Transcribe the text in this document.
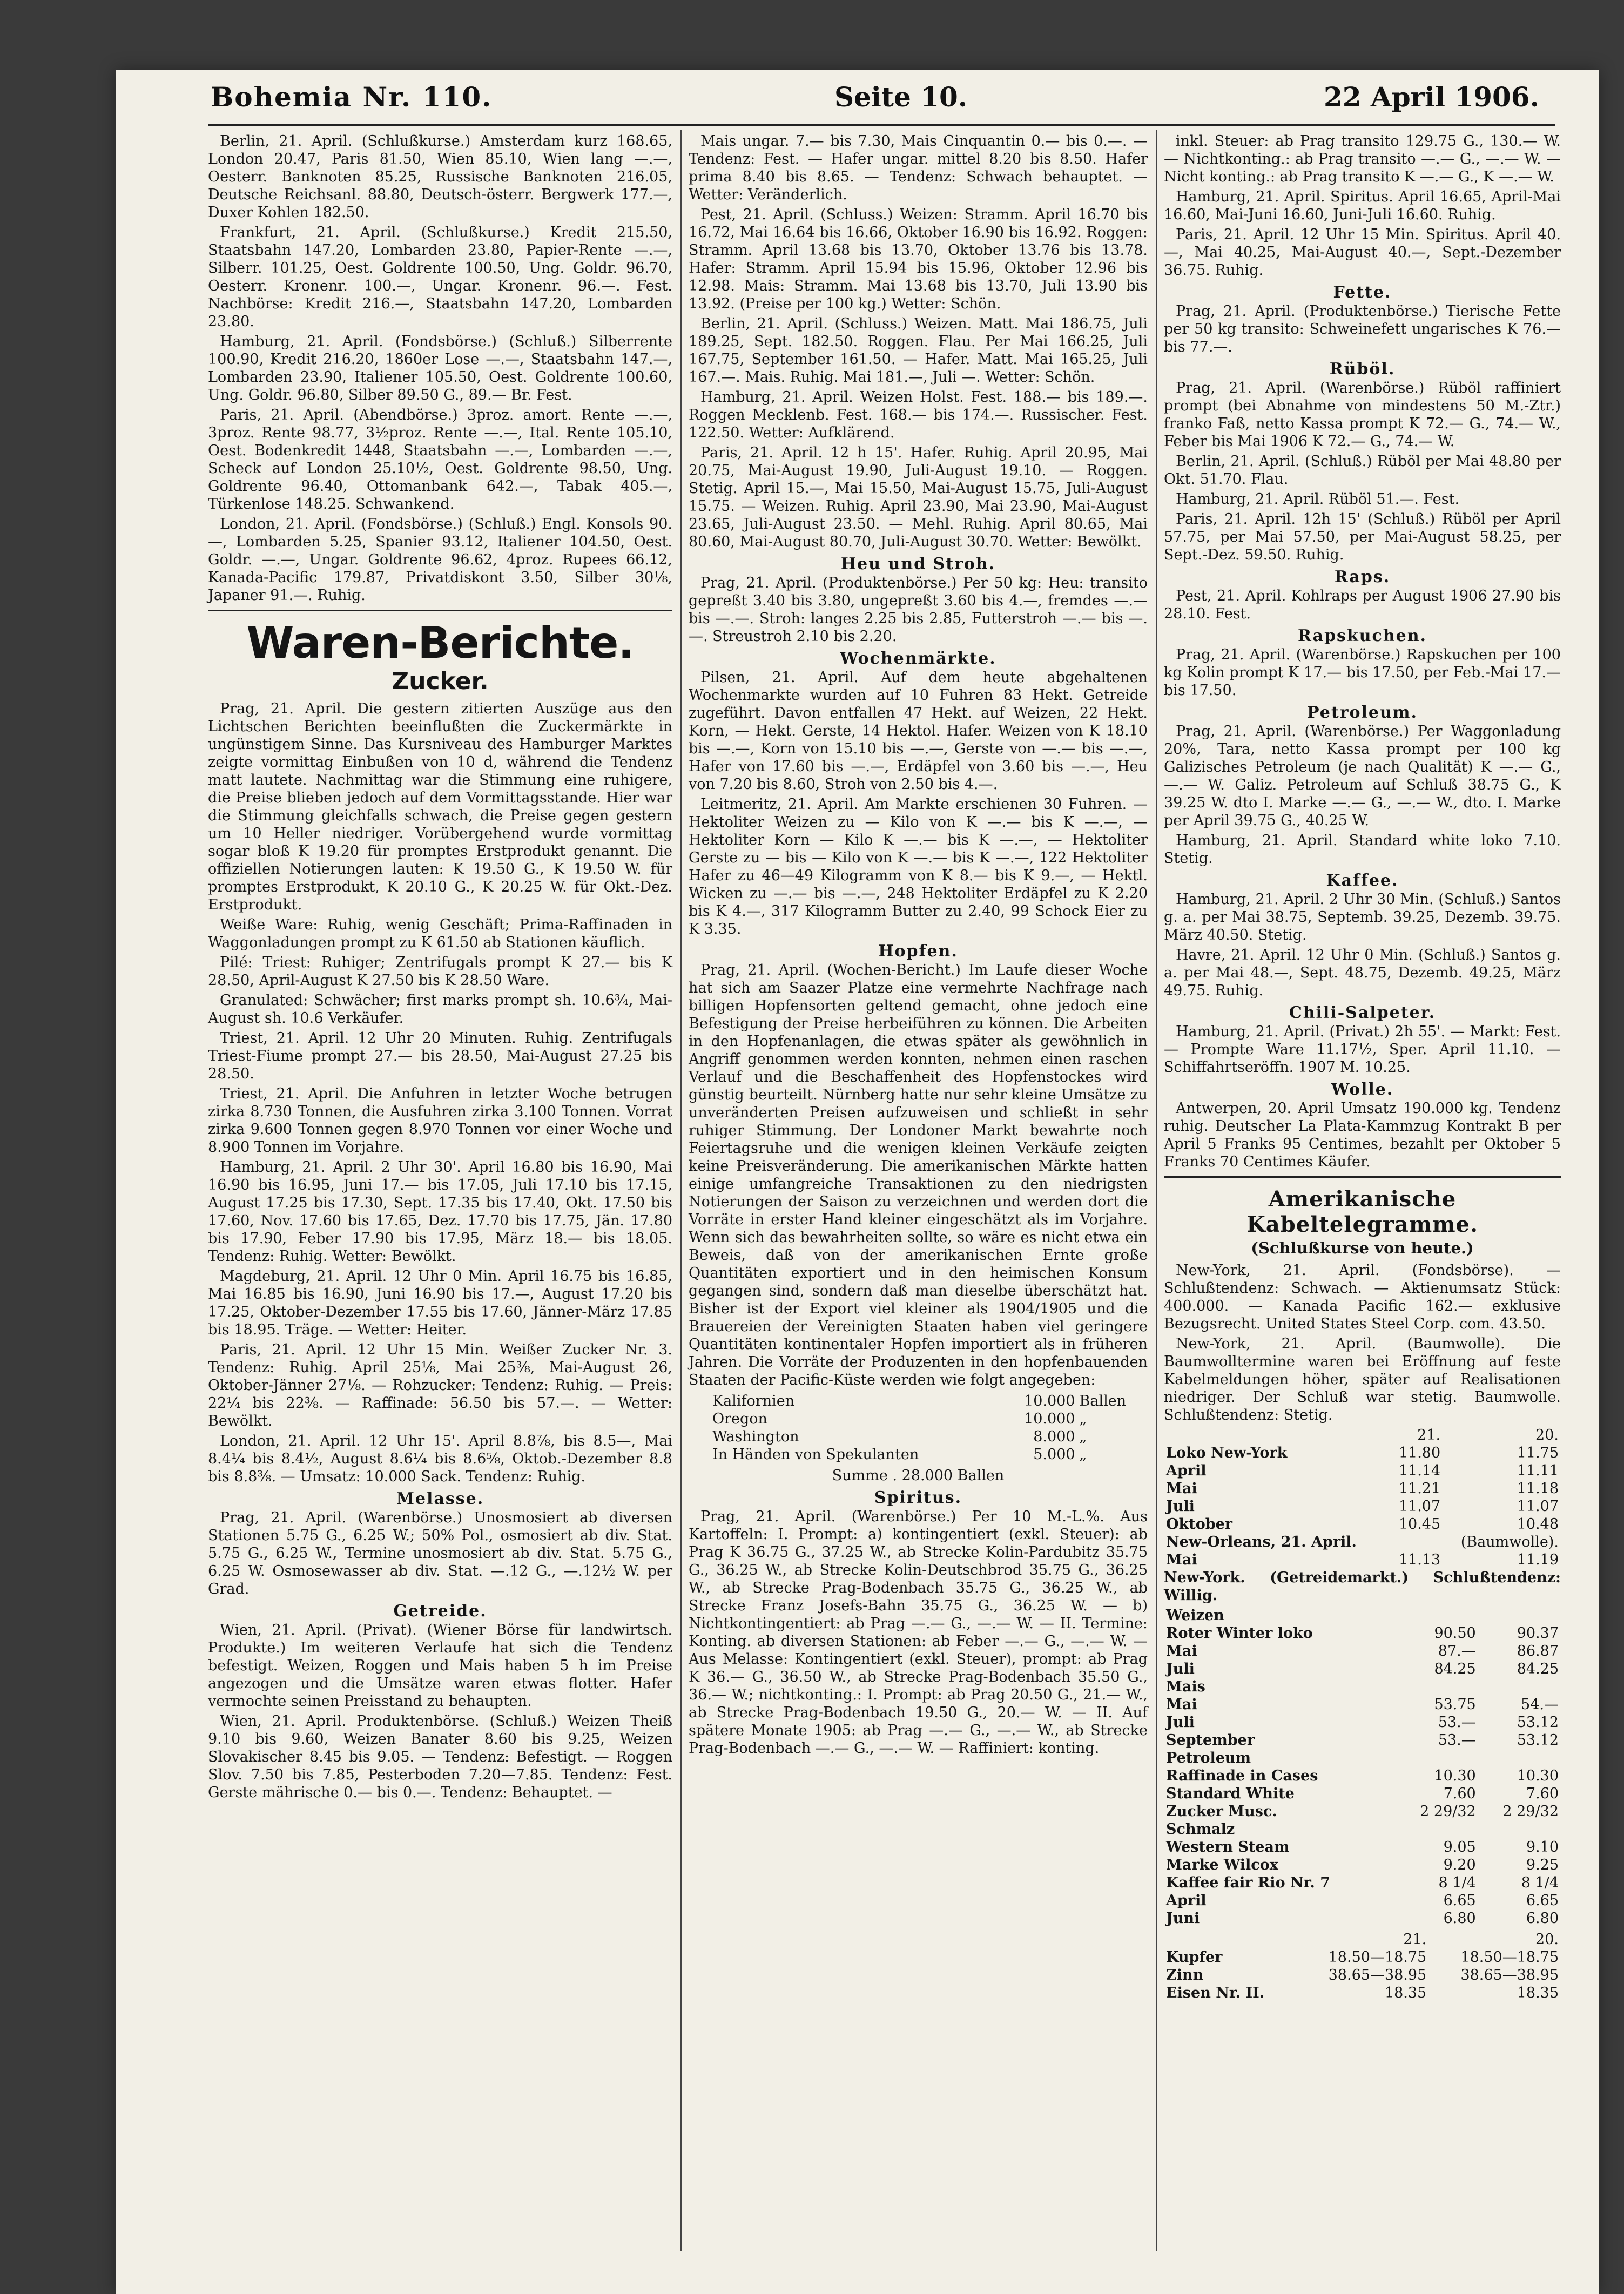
Bohemia Nr. 110.	Seite 10.	22 April 1906.

Berlin, 21. April. (Schlußkurse.) Amsterdam kurz 168.65, London 20.47, Paris 81.50, Wien 85.10, Wien lang —.—, Oesterr. Banknoten 85.25, Russische Banknoten 216.05, Deutsche Reichsanl. 88.80, Deutsch-österr. Bergwerk 177.—, Duxer Kohlen 182.50.

Frankfurt, 21. April. (Schlußkurse.) Kredit 215.50, Staatsbahn 147.20, Lombarden 23.80, Papier-Rente —.—, Silberr. 101.25, Oest. Goldrente 100.50, Ung. Goldr. 96.70, Oesterr. Kronenr. 100.—, Ungar. Kronenr. 96.—. Fest. Nachbörse: Kredit 216.—, Staatsbahn 147.20, Lombarden 23.80.

Hamburg, 21. April. (Fondsbörse.) (Schluß.) Silberrente 100.90, Kredit 216.20, 1860er Lose —.—, Staatsbahn 147.—, Lombarden 23.90, Italiener 105.50, Oest. Goldrente 100.60, Ung. Goldr. 96.80, Silber 89.50 G., 89.— Br. Fest.

Paris, 21. April. (Abendbörse.) 3proz. amort. Rente —.—, 3proz. Rente 98.77, 3½proz. Rente —.—, Ital. Rente 105.10, Oest. Bodenkredit 1448, Staatsbahn —.—, Lombarden —.—, Scheck auf London 25.10½, Oest. Goldrente 98.50, Ung. Goldrente 96.40, Ottomanbank 642.—, Tabak 405.—, Türkenlose 148.25. Schwankend.

London, 21. April. (Fondsbörse.) (Schluß.) Engl. Konsols 90.—, Lombarden 5.25, Spanier 93.12, Italiener 104.50, Oest. Goldr. —.—, Ungar. Goldrente 96.62, 4proz. Rupees 66.12, Kanada-Pacific 179.87, Privatdiskont 3.50, Silber 30⅛, Japaner 91.—. Ruhig.

Waren-Berichte.
Zucker.

Prag, 21. April. Die gestern zitierten Auszüge aus den Lichtschen Berichten beeinflußten die Zuckermärkte in ungünstigem Sinne. Das Kursniveau des Hamburger Marktes zeigte vormittag Einbußen von 10 d, während die Tendenz matt lautete. Nachmittag war die Stimmung eine ruhigere, die Preise blieben jedoch auf dem Vormittagsstande. Hier war die Stimmung gleichfalls schwach, die Preise gegen gestern um 10 Heller niedriger. Vorübergehend wurde vormittag sogar bloß K 19.20 für promptes Erstprodukt genannt. Die offiziellen Notierungen lauten: K 19.50 G., K 19.50 W. für promptes Erstprodukt, K 20.10 G., K 20.25 W. für Okt.-Dez. Erstprodukt.

Weiße Ware: Ruhig, wenig Geschäft; Prima-Raffinaden in Waggonladungen prompt zu K 61.50 ab Stationen käuflich.

Pilé: Triest: Ruhiger; Zentrifugals prompt K 27.— bis K 28.50, April-August K 27.50 bis K 28.50 Ware.

Granulated: Schwächer; first marks prompt sh. 10.6¾, Mai-August sh. 10.6 Verkäufer.

Triest, 21. April. 12 Uhr 20 Minuten. Ruhig. Zentrifugals Triest-Fiume prompt 27.— bis 28.50, Mai-August 27.25 bis 28.50.

Triest, 21. April. Die Anfuhren in letzter Woche betrugen zirka 8.730 Tonnen, die Ausfuhren zirka 3.100 Tonnen. Vorrat zirka 9.600 Tonnen gegen 8.970 Tonnen vor einer Woche und 8.900 Tonnen im Vorjahre.

Hamburg, 21. April. 2 Uhr 30'. April 16.80 bis 16.90, Mai 16.90 bis 16.95, Juni 17.— bis 17.05, Juli 17.10 bis 17.15, August 17.25 bis 17.30, Sept. 17.35 bis 17.40, Okt. 17.50 bis 17.60, Nov. 17.60 bis 17.65, Dez. 17.70 bis 17.75, Jän. 17.80 bis 17.90, Feber 17.90 bis 17.95, März 18.— bis 18.05. Tendenz: Ruhig. Wetter: Bewölkt.

Magdeburg, 21. April. 12 Uhr 0 Min. April 16.75 bis 16.85, Mai 16.85 bis 16.90, Juni 16.90 bis 17.—, August 17.20 bis 17.25, Oktober-Dezember 17.55 bis 17.60, Jänner-März 17.85 bis 18.95. Träge. — Wetter: Heiter.

Paris, 21. April. 12 Uhr 15 Min. Weißer Zucker Nr. 3. Tendenz: Ruhig. April 25⅛, Mai 25⅜, Mai-August 26, Oktober-Jänner 27⅛. — Rohzucker: Tendenz: Ruhig. — Preis: 22¼ bis 22⅜. — Raffinade: 56.50 bis 57.—. — Wetter: Bewölkt.

London, 21. April. 12 Uhr 15'. April 8.8⅞, bis 8.5—, Mai 8.4¼ bis 8.4½, August 8.6¼ bis 8.6⅝, Oktob.-Dezember 8.8 bis 8.8⅜. — Umsatz: 10.000 Sack. Tendenz: Ruhig.

Melasse.

Prag, 21. April. (Warenbörse.) Unosmosiert ab diversen Stationen 5.75 G., 6.25 W.; 50% Pol., osmosiert ab div. Stat. 5.75 G., 6.25 W., Termine unosmosiert ab div. Stat. 5.75 G., 6.25 W. Osmosewasser ab div. Stat. —.12 G., —.12½ W. per Grad.

Getreide.

Wien, 21. April. (Privat). (Wiener Börse für landwirtsch. Produkte.) Im weiteren Verlaufe hat sich die Tendenz befestigt. Weizen, Roggen und Mais haben 5 h im Preise angezogen und die Umsätze waren etwas flotter. Hafer vermochte seinen Preisstand zu behaupten.

Wien, 21. April. Produktenbörse. (Schluß.) Weizen Theiß 9.10 bis 9.60, Weizen Banater 8.60 bis 9.25, Weizen Slovakischer 8.45 bis 9.05. — Tendenz: Befestigt. — Roggen Slov. 7.50 bis 7.85, Pesterboden 7.20—7.85. Tendenz: Fest. Gerste mährische 0.— bis 0.—. Tendenz: Behauptet. —

Mais ungar. 7.— bis 7.30, Mais Cinquantin 0.— bis 0.—. — Tendenz: Fest. — Hafer ungar. mittel 8.20 bis 8.50. Hafer prima 8.40 bis 8.65. — Tendenz: Schwach behauptet. — Wetter: Veränderlich.

Pest, 21. April. (Schluss.) Weizen: Stramm. April 16.70 bis 16.72, Mai 16.64 bis 16.66, Oktober 16.90 bis 16.92. Roggen: Stramm. April 13.68 bis 13.70, Oktober 13.76 bis 13.78. Hafer: Stramm. April 15.94 bis 15.96, Oktober 12.96 bis 12.98. Mais: Stramm. Mai 13.68 bis 13.70, Juli 13.90 bis 13.92. (Preise per 100 kg.) Wetter: Schön.

Berlin, 21. April. (Schluss.) Weizen. Matt. Mai 186.75, Juli 189.25, Sept. 182.50. Roggen. Flau. Per Mai 166.25, Juli 167.75, September 161.50. — Hafer. Matt. Mai 165.25, Juli 167.—. Mais. Ruhig. Mai 181.—, Juli —. Wetter: Schön.

Hamburg, 21. April. Weizen Holst. Fest. 188.— bis 189.—. Roggen Mecklenb. Fest. 168.— bis 174.—. Russischer. Fest. 122.50. Wetter: Aufklärend.

Paris, 21. April. 12 h 15'. Hafer. Ruhig. April 20.95, Mai 20.75, Mai-August 19.90, Juli-August 19.10. — Roggen. Stetig. April 15.—, Mai 15.50, Mai-August 15.75, Juli-August 15.75. — Weizen. Ruhig. April 23.90, Mai 23.90, Mai-August 23.65, Juli-August 23.50. — Mehl. Ruhig. April 80.65, Mai 80.60, Mai-August 80.70, Juli-August 30.70. Wetter: Bewölkt.

Heu und Stroh.

Prag, 21. April. (Produktenbörse.) Per 50 kg: Heu: transito gepreßt 3.40 bis 3.80, ungepreßt 3.60 bis 4.—, fremdes —.— bis —.—. Stroh: langes 2.25 bis 2.85, Futterstroh —.— bis —.—. Streustroh 2.10 bis 2.20.

Wochenmärkte.

Pilsen, 21. April. Auf dem heute abgehaltenen Wochenmarkte wurden auf 10 Fuhren 83 Hekt. Getreide zugeführt. Davon entfallen 47 Hekt. auf Weizen, 22 Hekt. Korn, — Hekt. Gerste, 14 Hektol. Hafer. Weizen von K 18.10 bis —.—, Korn von 15.10 bis —.—, Gerste von —.— bis —.—, Hafer von 17.60 bis —.—, Erdäpfel von 3.60 bis —.—, Heu von 7.20 bis 8.60, Stroh von 2.50 bis 4.—.

Leitmeritz, 21. April. Am Markte erschienen 30 Fuhren. — Hektoliter Weizen zu — Kilo von K —.— bis K —.—, — Hektoliter Korn — Kilo K —.— bis K —.—, — Hektoliter Gerste zu — bis — Kilo von K —.— bis K —.—, 122 Hektoliter Hafer zu 46—49 Kilogramm von K 8.— bis K 9.—, — Hektl. Wicken zu —.— bis —.—, 248 Hektoliter Erdäpfel zu K 2.20 bis K 4.—, 317 Kilogramm Butter zu 2.40, 99 Schock Eier zu K 3.35.

Hopfen.

Prag, 21. April. (Wochen-Bericht.) Im Laufe dieser Woche hat sich am Saazer Platze eine vermehrte Nachfrage nach billigen Hopfensorten geltend gemacht, ohne jedoch eine Befestigung der Preise herbeiführen zu können. Die Arbeiten in den Hopfenanlagen, die etwas später als gewöhnlich in Angriff genommen werden konnten, nehmen einen raschen Verlauf und die Beschaffenheit des Hopfenstockes wird günstig beurteilt. Nürnberg hatte nur sehr kleine Umsätze zu unveränderten Preisen aufzuweisen und schließt in sehr ruhiger Stimmung. Der Londoner Markt bewahrte noch Feiertagsruhe und die wenigen kleinen Verkäufe zeigten keine Preisveränderung. Die amerikanischen Märkte hatten einige umfangreiche Transaktionen zu den niedrigsten Notierungen der Saison zu verzeichnen und werden dort die Vorräte in erster Hand kleiner eingeschätzt als im Vorjahre. Wenn sich das bewahrheiten sollte, so wäre es nicht etwa ein Beweis, daß von der amerikanischen Ernte große Quantitäten exportiert und in den heimischen Konsum gegangen sind, sondern daß man dieselbe überschätzt hat. Bisher ist der Export viel kleiner als 1904/1905 und die Brauereien der Vereinigten Staaten haben viel geringere Quantitäten kontinentaler Hopfen importiert als in früheren Jahren. Die Vorräte der Produzenten in den hopfenbauenden Staaten der Pacific-Küste werden wie folgt angegeben:

Kalifornien	10.000	Ballen
Oregon	10.000	„
Washington	8.000	„
In Händen von Spekulanten	5.000	„
Summe . 28.000 Ballen
Spiritus.

Prag, 21. April. (Warenbörse.) Per 10 M.-L.%. Aus Kartoffeln: I. Prompt: a) kontingentiert (exkl. Steuer): ab Prag K 36.75 G., 37.25 W., ab Strecke Kolin-Pardubitz 35.75 G., 36.25 W., ab Strecke Kolin-Deutschbrod 35.75 G., 36.25 W., ab Strecke Prag-Bodenbach 35.75 G., 36.25 W., ab Strecke Franz Josefs-Bahn 35.75 G., 36.25 W. — b) Nichtkontingentiert: ab Prag —.— G., —.— W. — II. Termine: Konting. ab diversen Stationen: ab Feber —.— G., —.— W. — Aus Melasse: Kontingentiert (exkl. Steuer), prompt: ab Prag K 36.— G., 36.50 W., ab Strecke Prag-Bodenbach 35.50 G., 36.— W.; nichtkonting.: I. Prompt: ab Prag 20.50 G., 21.— W., ab Strecke Prag-Bodenbach 19.50 G., 20.— W. — II. Auf spätere Monate 1905: ab Prag —.— G., —.— W., ab Strecke Prag-Bodenbach —.— G., —.— W. — Raffiniert: konting.

inkl. Steuer: ab Prag transito 129.75 G., 130.— W. — Nichtkonting.: ab Prag transito —.— G., —.— W. — Nicht konting.: ab Prag transito K —.— G., K —.— W.

Hamburg, 21. April. Spiritus. April 16.65, April-Mai 16.60, Mai-Juni 16.60, Juni-Juli 16.60. Ruhig.

Paris, 21. April. 12 Uhr 15 Min. Spiritus. April 40.—, Mai 40.25, Mai-August 40.—, Sept.-Dezember 36.75. Ruhig.

Fette.

Prag, 21. April. (Produktenbörse.) Tierische Fette per 50 kg transito: Schweinefett ungarisches K 76.— bis 77.—.

Rüböl.

Prag, 21. April. (Warenbörse.) Rüböl raffiniert prompt (bei Abnahme von mindestens 50 M.-Ztr.) franko Faß, netto Kassa prompt K 72.— G., 74.— W., Feber bis Mai 1906 K 72.— G., 74.— W.

Berlin, 21. April. (Schluß.) Rüböl per Mai 48.80 per Okt. 51.70. Flau.

Hamburg, 21. April. Rüböl 51.—. Fest.

Paris, 21. April. 12h 15' (Schluß.) Rüböl per April 57.75, per Mai 57.50, per Mai-August 58.25, per Sept.-Dez. 59.50. Ruhig.

Raps.

Pest, 21. April. Kohlraps per August 1906 27.90 bis 28.10. Fest.

Rapskuchen.

Prag, 21. April. (Warenbörse.) Rapskuchen per 100 kg Kolin prompt K 17.— bis 17.50, per Feb.-Mai 17.— bis 17.50.

Petroleum.

Prag, 21. April. (Warenbörse.) Per Waggonladung 20%, Tara, netto Kassa prompt per 100 kg Galizisches Petroleum (je nach Qualität) K —.— G., —.— W. Galiz. Petroleum auf Schluß 38.75 G., K 39.25 W. dto I. Marke —.— G., —.— W., dto. I. Marke per April 39.75 G., 40.25 W.

Hamburg, 21. April. Standard white loko 7.10. Stetig.

Kaffee.

Hamburg, 21. April. 2 Uhr 30 Min. (Schluß.) Santos g. a. per Mai 38.75, Septemb. 39.25, Dezemb. 39.75. März 40.50. Stetig.

Havre, 21. April. 12 Uhr 0 Min. (Schluß.) Santos g. a. per Mai 48.—, Sept. 48.75, Dezemb. 49.25, März 49.75. Ruhig.

Chili-Salpeter.

Hamburg, 21. April. (Privat.) 2h 55'. — Markt: Fest. — Prompte Ware 11.17½, Sper. April 11.10. — Schiffahrtseröffn. 1907 M. 10.25.

Wolle.

Antwerpen, 20. April Umsatz 190.000 kg. Tendenz ruhig. Deutscher La Plata-Kammzug Kontrakt B per April 5 Franks 95 Centimes, bezahlt per Oktober 5 Franks 70 Centimes Käufer.

Amerikanische Kabeltelegramme.
(Schlußkurse von heute.)

New-York, 21. April. (Fondsbörse). — Schlußtendenz: Schwach. — Aktienumsatz Stück: 400.000. — Kanada Pacific 162.— exklusive Bezugsrecht. United States Steel Corp. com. 43.50.

New-York, 21. April. (Baumwolle). Die Baumwolltermine waren bei Eröffnung auf feste Kabelmeldungen höher, später auf Realisationen niedriger. Der Schluß war stetig. Baumwolle. Schlußtendenz: Stetig.

	21.	20.
Loko New-York	11.80	11.75
April	11.14	11.11
Mai	11.21	11.18
Juli	11.07	11.07
Oktober	10.45	10.48
New-Orleans, 21. April.		(Baumwolle).
Mai	11.13	11.19

New-York. (Getreidemarkt.) Schlußtendenz: Willig.

Weizen		
Roter Winter loko	90.50	90.37
Mai	87.—	86.87
Juli	84.25	84.25
Mais		
Mai	53.75	54.—
Juli	53.—	53.12
September	53.—	53.12
Petroleum		
Raffinade in Cases	10.30	10.30
Standard White	7.60	7.60
Zucker Musc.	2 29/32	2 29/32
Schmalz		
Western Steam	9.05	9.10
Marke Wilcox	9.20	9.25
Kaffee fair Rio Nr. 7	8 1/4	8 1/4
April	6.65	6.65
Juni	6.80	6.80
	21.	20.
Kupfer	18.50—18.75	18.50—18.75
Zinn	38.65—38.95	38.65—38.95
Eisen Nr. II.	18.35	18.35
